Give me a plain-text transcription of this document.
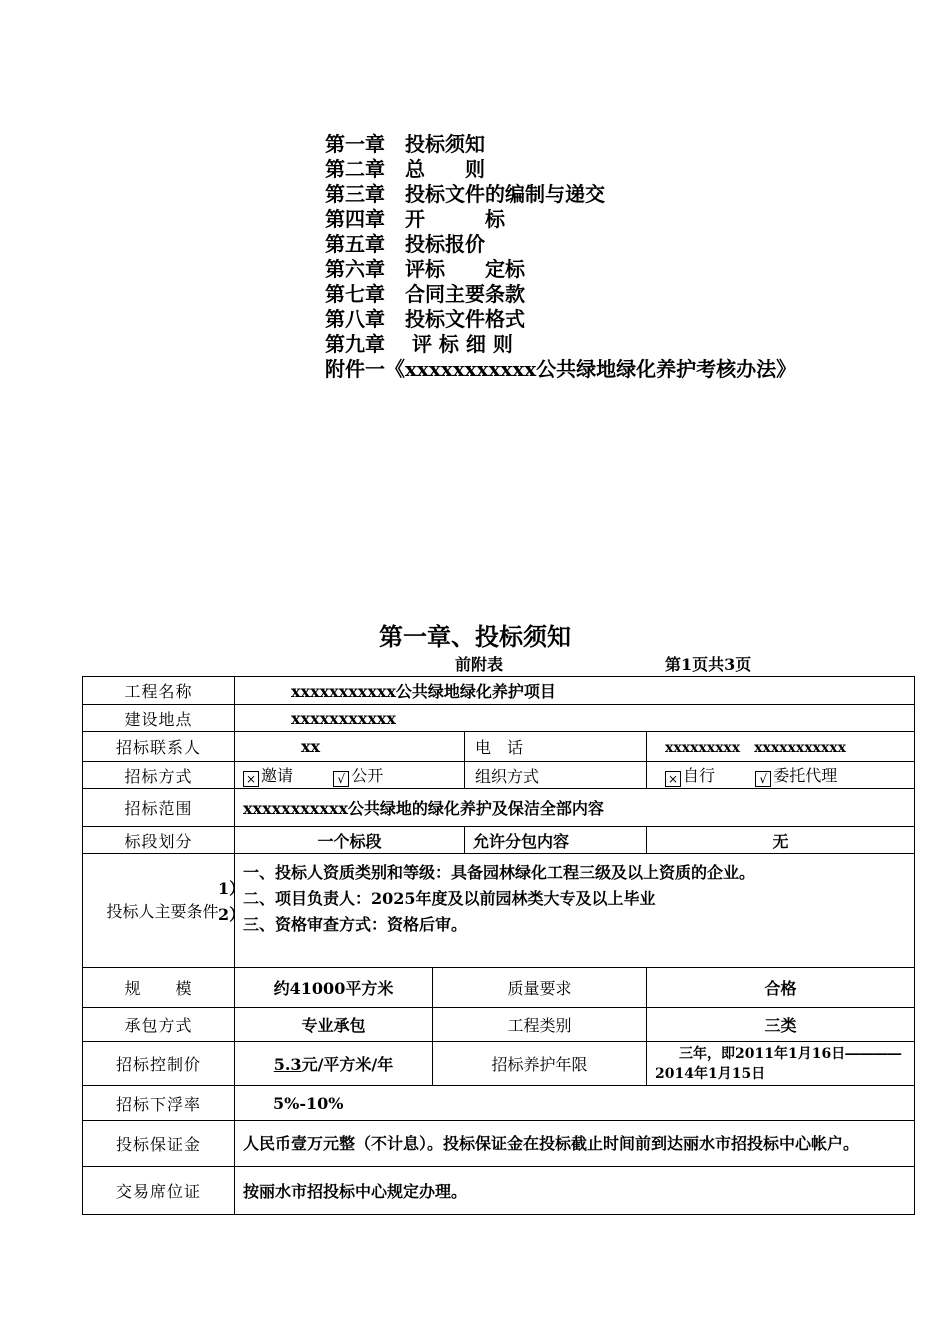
第一章　投标须知
第二章　总　　则
第三章　投标文件的编制与递交
第四章　开　　　标
第五章　投标报价
第六章　评标　　定标
第七章　合同主要条款
第八章　投标文件格式
第九章　 评 标 细 则
附件一《xxxxxxxxxxx公共绿地绿化养护考核办法》
第一章、投标须知
前附表	第1页共3页
工程名称	xxxxxxxxxxx公共绿地绿化养护项目			
建设地点	xxxxxxxxxxx			
招标联系人	xx		电　话	xxxxxxxxx　xxxxxxxxxxx
招标方式	× 邀请 √ 公开		组织方式	× 自行 √ 委托代理
招标范围	xxxxxxxxxxx公共绿地的绿化养护及保洁全部内容			
标段划分	一个标段		允许分包内容	无
投标人主要条件	一、投标人资质类别和等级：具备园林绿化工程三级及以上资质的企业。
二、项目负责人：2025年度及以前园林类大专及以上毕业
三、资格审查方式：资格后审。			

规　　模	约41000平方米	质量要求		合格
承包方式	专业承包	工程类别		三类
招标控制价	5.3元/平方米/年	招标养护年限		三年，即2011年1月16日――――
2014年1月15日

招标下浮率	5%-10%			
投标保证金	人民币壹万元整（不计息）。投标保证金在投标截止时间前到达丽水市招投标中心帐户。			
交易席位证	按丽水市招投标中心规定办理。			
1）
2）
